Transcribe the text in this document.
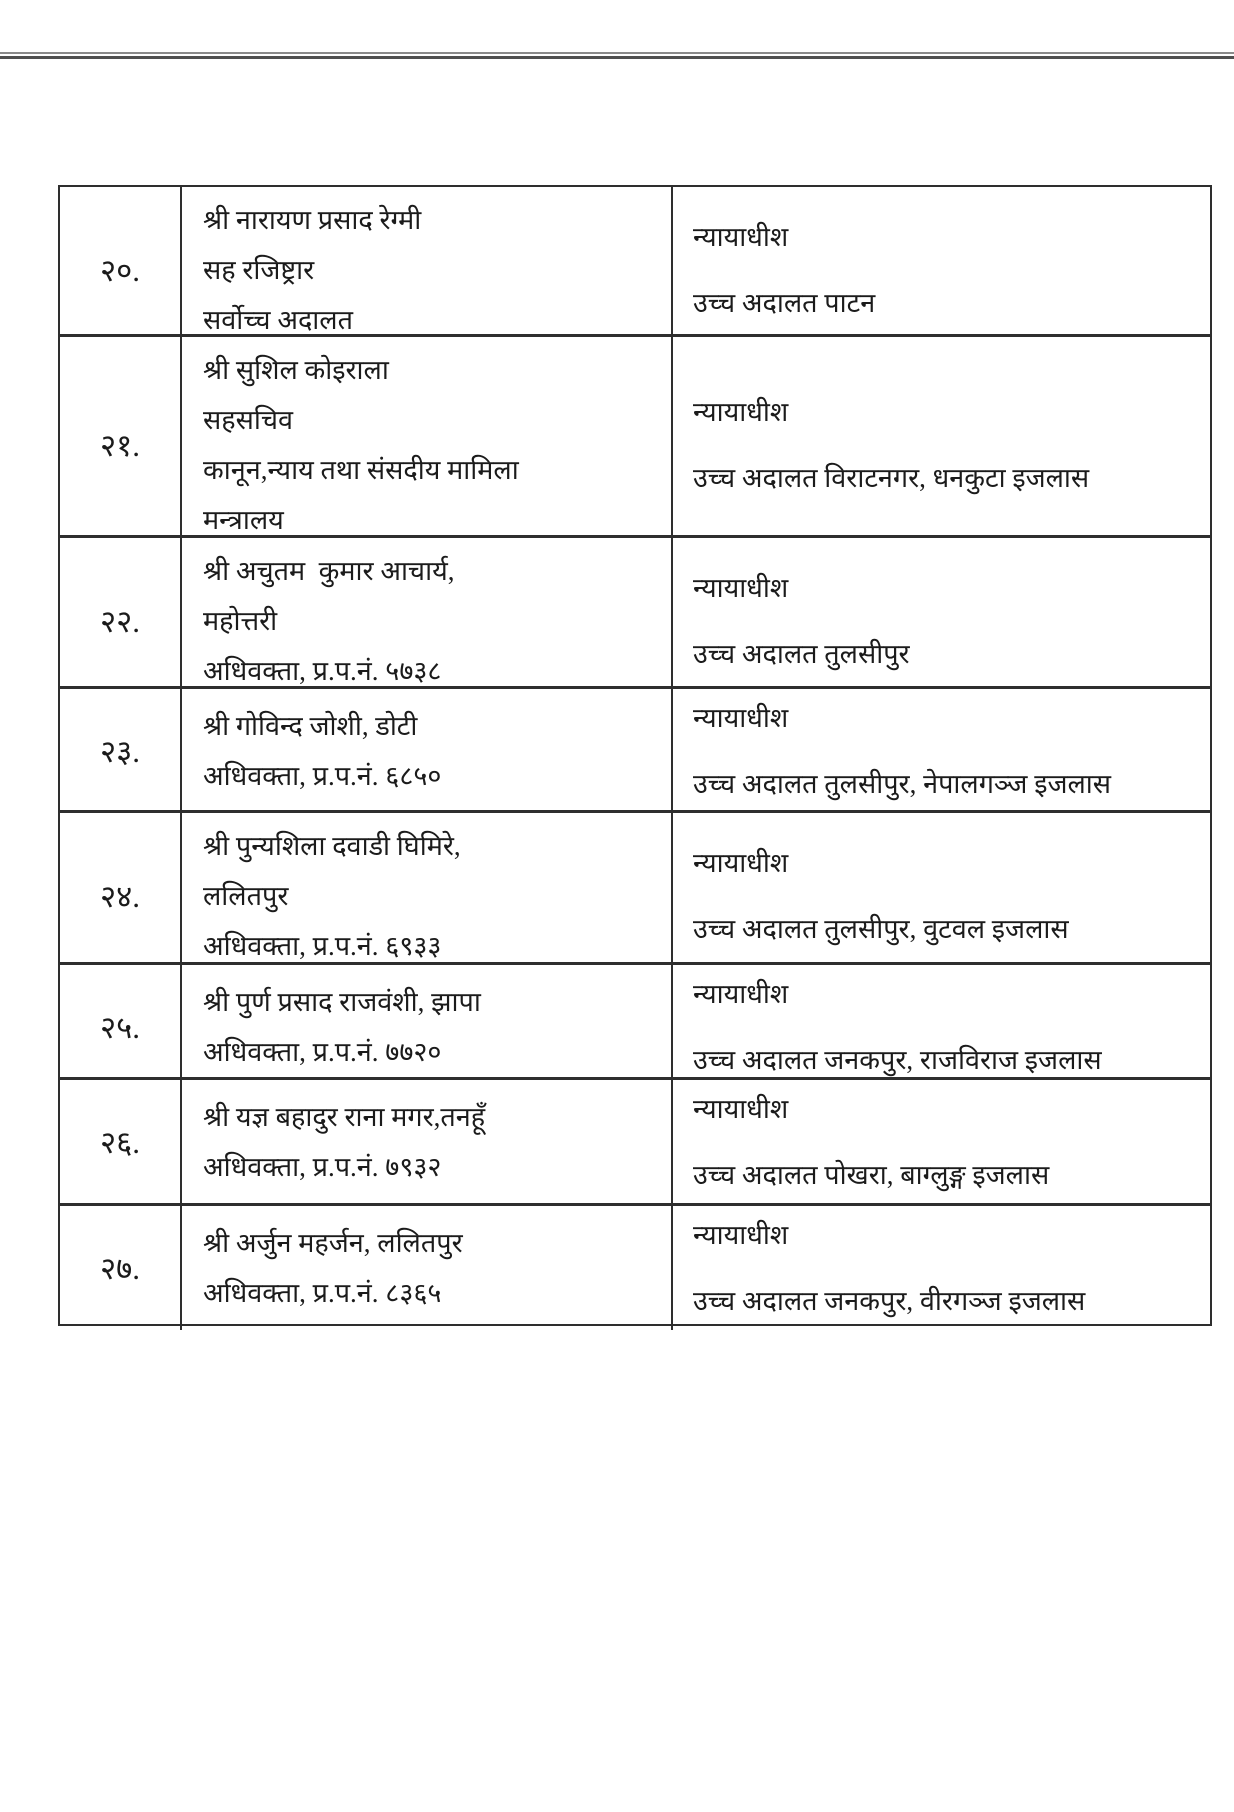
२०.
श्री नारायण प्रसाद रेग्मी
सह रजिष्ट्रार
सर्वोच्च अदालत
न्यायाधीश
उच्च अदालत पाटन
२१.
श्री सुशिल कोइराला
सहसचिव
कानून,न्याय तथा संसदीय मामिला
मन्त्रालय
न्यायाधीश
उच्च अदालत विराटनगर, धनकुटा इजलास
२२.
श्री अचुतम  कुमार आचार्य,
महोत्तरी
अधिवक्ता, प्र.प.नं. ५७३८
न्यायाधीश
उच्च अदालत तुलसीपुर
२३.
श्री गोविन्द जोशी, डोटी
अधिवक्ता, प्र.प.नं. ६८५०
न्यायाधीश
उच्च अदालत तुलसीपुर, नेपालगञ्ज इजलास
२४.
श्री पुन्यशिला दवाडी घिमिरे,
ललितपुर
अधिवक्ता, प्र.प.नं. ६९३३
न्यायाधीश
उच्च अदालत तुलसीपुर, वुटवल इजलास
२५.
श्री पुर्ण प्रसाद राजवंशी, झापा
अधिवक्ता, प्र.प.नं. ७७२०
न्यायाधीश
उच्च अदालत जनकपुर, राजविराज इजलास
२६.
श्री यज्ञ बहादुर राना मगर,तनहूँ
अधिवक्ता, प्र.प.नं. ७९३२
न्यायाधीश
उच्च अदालत पोखरा, बाग्लुङ्ग इजलास
२७.
श्री अर्जुन महर्जन, ललितपुर
अधिवक्ता, प्र.प.नं. ८३६५
न्यायाधीश
उच्च अदालत जनकपुर, वीरगञ्ज इजलास
